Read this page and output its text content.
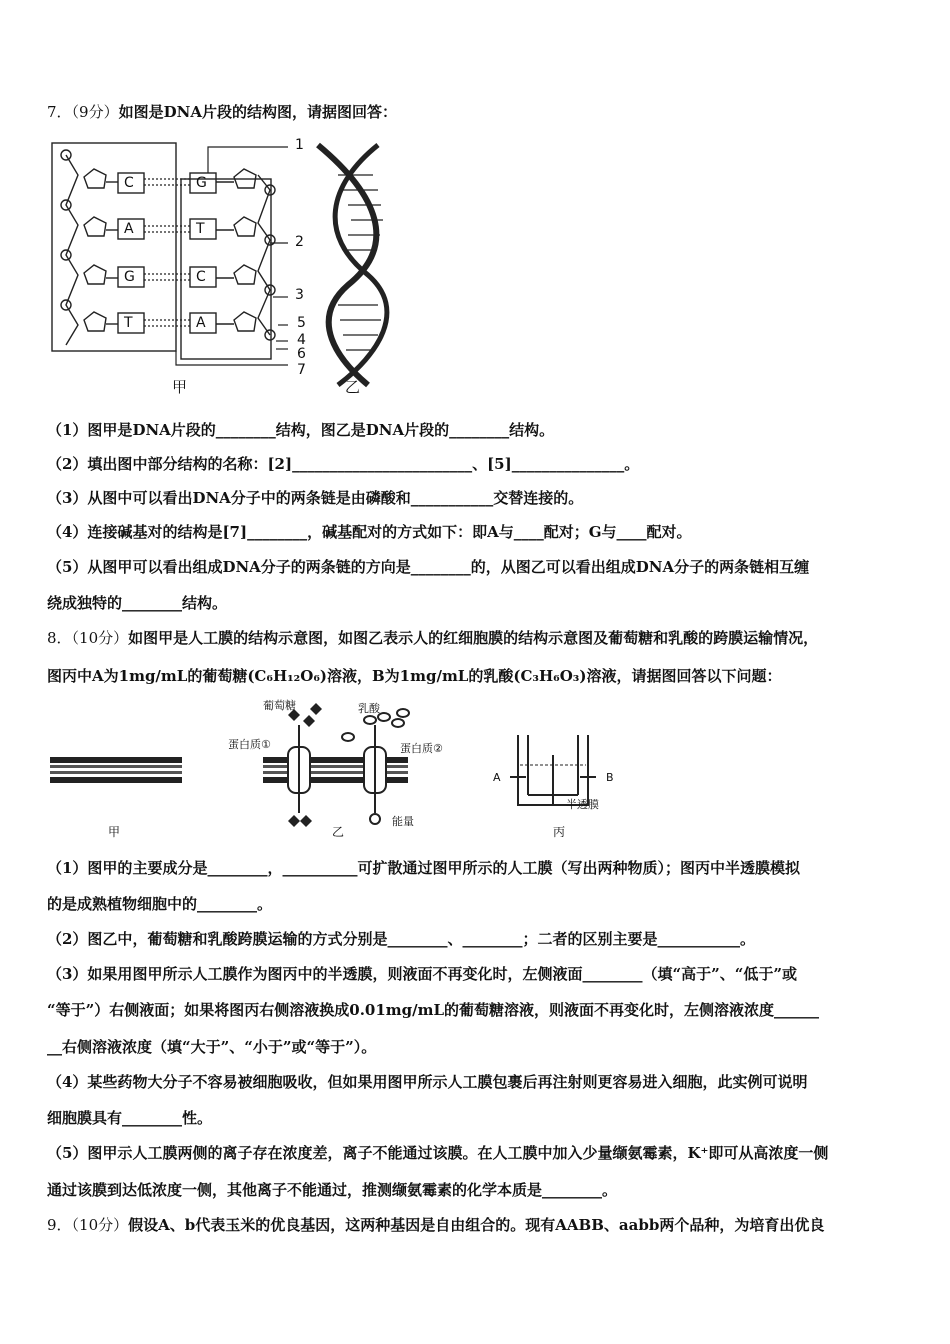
7．（9分）如图是DNA片段的结构图，请据图回答：
C
A
G
T
G
T
C
A
1
2
3
5
4
6
7
甲	乙
（1）图甲是DNA片段的________结构，图乙是DNA片段的________结构。
（2）填出图中部分结构的名称：[2]________________________、[5]_______________。
（3）从图中可以看出DNA分子中的两条链是由磷酸和___________交替连接的。
（4）连接碱基对的结构是[7]________，碱基配对的方式如下：即A与____配对；G与____配对。
（5）从图甲可以看出组成DNA分子的两条链的方向是________的，从图乙可以看出组成DNA分子的两条链相互缠
绕成独特的________结构。
8．（10分）如图甲是人工膜的结构示意图，如图乙表示人的红细胞膜的结构示意图及葡萄糖和乳酸的跨膜运输情况，
图丙中A为1mg/mL的葡萄糖(C₆H₁₂O₆)溶液，B为1mg/mL的乳酸(C₃H₆O₃)溶液，请据图回答以下问题：
葡萄糖	乳酸
蛋白质①	蛋白质②
能量
A	B
半透膜
甲	乙	丙
（1）图甲的主要成分是________，__________可扩散通过图甲所示的人工膜（写出两种物质）；图丙中半透膜模拟
的是成熟植物细胞中的________。
（2）图乙中，葡萄糖和乳酸跨膜运输的方式分别是________、________；二者的区别主要是___________。
（3）如果用图甲所示人工膜作为图丙中的半透膜，则液面不再变化时，左侧液面________（填“高于”、“低于”或
“等于”）右侧液面；如果将图丙右侧溶液换成0.01mg/mL的葡萄糖溶液，则液面不再变化时，左侧溶液浓度______
__右侧溶液浓度（填“大于”、“小于”或“等于”）。
（4）某些药物大分子不容易被细胞吸收，但如果用图甲所示人工膜包裹后再注射则更容易进入细胞，此实例可说明
细胞膜具有________性。
（5）图甲示人工膜两侧的离子存在浓度差，离子不能通过该膜。在人工膜中加入少量缬氨霉素，K⁺即可从高浓度一侧
通过该膜到达低浓度一侧，其他离子不能通过，推测缬氨霉素的化学本质是________。
9．（10分）假设A、b代表玉米的优良基因，这两种基因是自由组合的。现有AABB、aabb两个品种，为培育出优良
